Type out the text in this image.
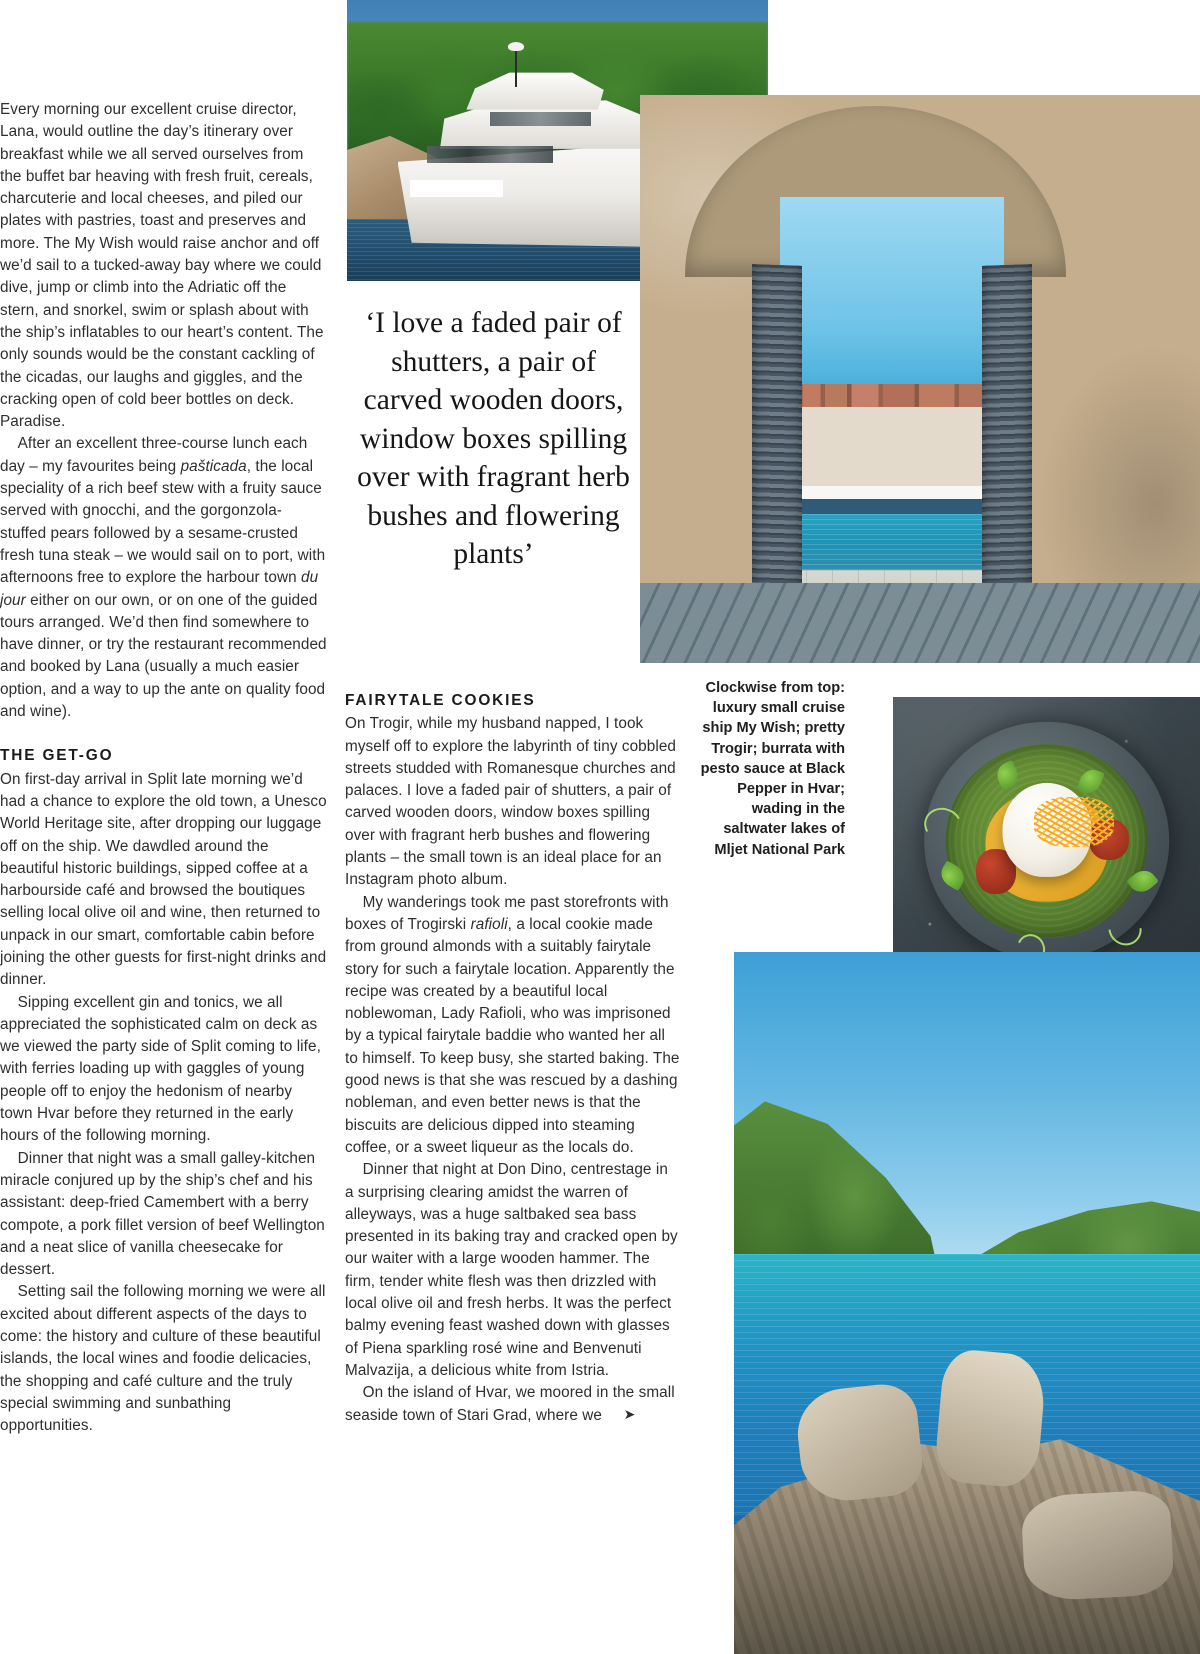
Every morning our excellent cruise director, Lana, would outline the day’s itinerary over breakfast while we all served ourselves from the buffet bar heaving with fresh fruit, cereals, charcuterie and local cheeses, and piled our plates with pastries, toast and preserves and more. The My Wish would raise anchor and off we’d sail to a tucked-away bay where we could dive, jump or climb into the Adriatic off the stern, and snorkel, swim or splash about with the ship’s inflatables to our heart’s content. The only sounds would be the constant cackling of the cicadas, our laughs and giggles, and the cracking open of cold beer bottles on deck. Paradise.

After an excellent three-course lunch each day – my favourites being pašticada, the local speciality of a rich beef stew with a fruity sauce served with gnocchi, and the gorgonzola-stuffed pears followed by a sesame-crusted fresh tuna steak – we would sail on to port, with afternoons free to explore the harbour town du jour either on our own, or on one of the guided tours arranged. We’d then find somewhere to have dinner, or try the restaurant recommended and booked by Lana (usually a much easier option, and a way to up the ante on quality food and wine).

THE GET-GO

On first-day arrival in Split late morning we’d had a chance to explore the old town, a Unesco World Heritage site, after dropping our luggage off on the ship. We dawdled around the beautiful historic buildings, sipped coffee at a harbourside café and browsed the boutiques selling local olive oil and wine, then returned to unpack in our smart, comfortable cabin before joining the other guests for first-night drinks and dinner.

Sipping excellent gin and tonics, we all appreciated the sophisticated calm on deck as we viewed the party side of Split coming to life, with ferries loading up with gaggles of young people off to enjoy the hedonism of nearby town Hvar before they returned in the early hours of the following morning.

Dinner that night was a small galley-kitchen miracle conjured up by the ship’s chef and his assistant: deep-fried Camembert with a berry compote, a pork fillet version of beef Wellington and a neat slice of vanilla cheesecake for dessert.

Setting sail the following morning we were all excited about different aspects of the days to come: the history and culture of these beautiful islands, the local wines and foodie delicacies, the shopping and café culture and the truly special swimming and sunbathing opportunities.

‘I love a faded pair of shutters, a pair of carved wooden doors, window boxes spilling over with fragrant herb bushes and flowering plants’
FAIRYTALE COOKIES

On Trogir, while my husband napped, I took myself off to explore the labyrinth of tiny cobbled streets studded with Romanesque churches and palaces. I love a faded pair of shutters, a pair of carved wooden doors, window boxes spilling over with fragrant herb bushes and flowering plants – the small town is an ideal place for an Instagram photo album.

My wanderings took me past storefronts with boxes of Trogirski rafioli, a local cookie made from ground almonds with a suitably fairytale story for such a fairytale location. Apparently the recipe was created by a beautiful local noblewoman, Lady Rafioli, who was imprisoned by a typical fairytale baddie who wanted her all to himself. To keep busy, she started baking. The good news is that she was rescued by a dashing nobleman, and even better news is that the biscuits are delicious dipped into steaming coffee, or a sweet liqueur as the locals do.

Dinner that night at Don Dino, centrestage in a surprising clearing amidst the warren of alleyways, was a huge saltbaked sea bass presented in its baking tray and cracked open by our waiter with a large wooden hammer. The firm, tender white flesh was then drizzled with local olive oil and fresh herbs. It was the perfect balmy evening feast washed down with glasses of Piena sparkling rosé wine and Benvenuti Malvazija, a delicious white from Istria.

On the island of Hvar, we moored in the small seaside town of Stari Grad, where we ➤

Clockwise from top: luxury small cruise ship My Wish; pretty Trogir; burrata with pesto sauce at Black Pepper in Hvar; wading in the saltwater lakes of Mljet National Park
